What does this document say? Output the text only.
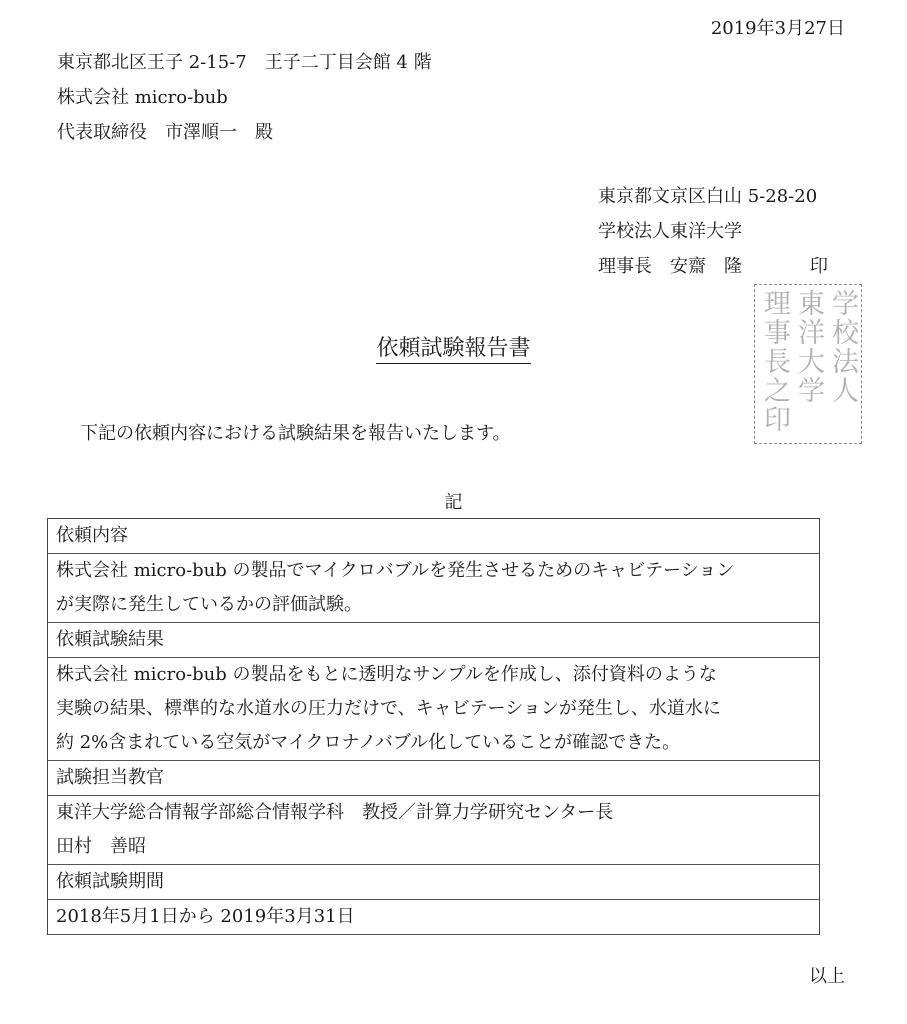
2019年3月27日
東京都北区王子 2-15-7　王子二丁目会館 4 階
株式会社 micro-bub
代表取締役　市澤順一　殿
学校法人
東洋大学
理事長之印
東京都文京区白山 5-28-20
学校法人東洋大学
理事長　安齋　隆	印
依頼試験報告書
下記の依頼内容における試験結果を報告いたします。
記
依頼内容
株式会社 micro-bub の製品でマイクロバブルを発生させるためのキャビテーション
が実際に発生しているかの評価試験。
依頼試験結果
株式会社 micro-bub の製品をもとに透明なサンプルを作成し、添付資料のような
実験の結果、標準的な水道水の圧力だけで、キャビテーションが発生し、水道水に
約 2%含まれている空気がマイクロナノバブル化していることが確認できた。
試験担当教官
東洋大学総合情報学部総合情報学科　教授／計算力学研究センター長
田村　善昭
依頼試験期間
2018年5月1日から 2019年3月31日
以上
